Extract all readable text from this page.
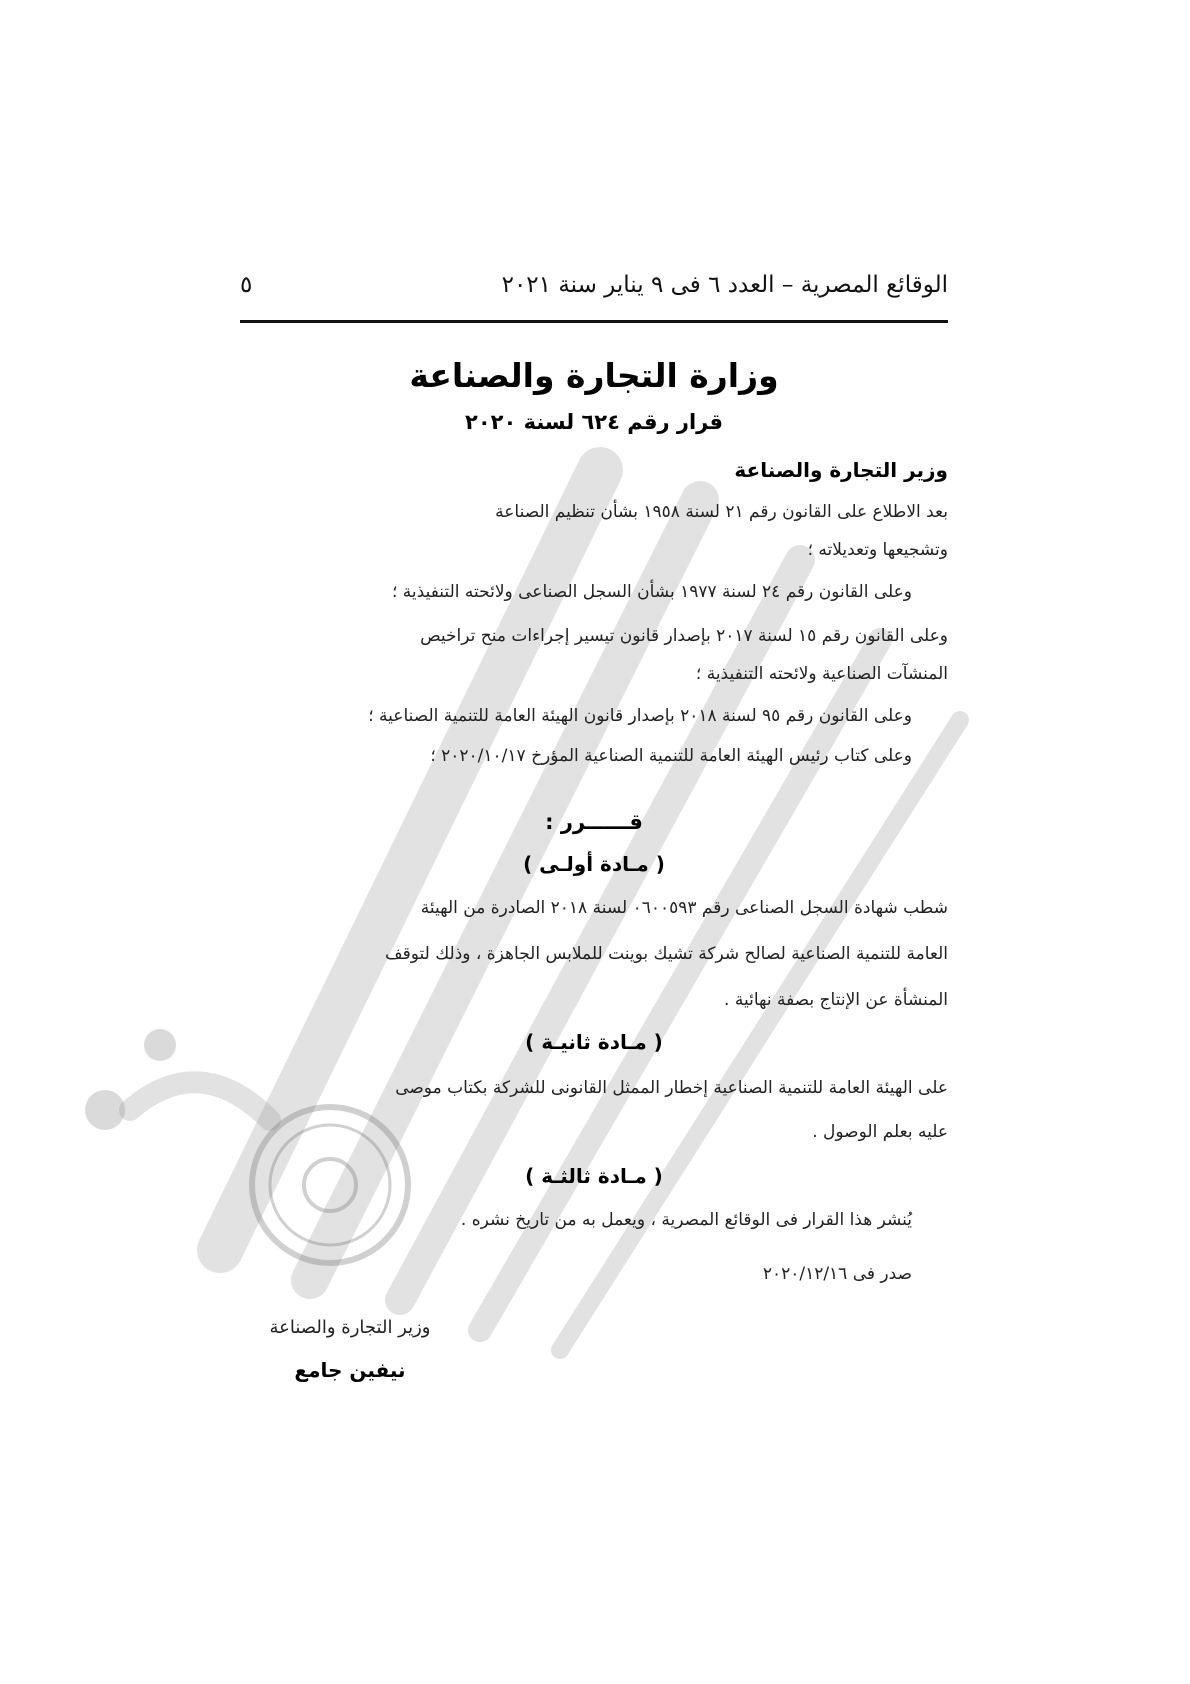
الوقائع المصرية – العدد ٦ فى ٩ يناير سنة ٢٠٢١
٥
وزارة التجارة والصناعة
قرار رقم ٦٢٤ لسنة ٢٠٢٠
وزير التجارة والصناعة
بعد الاطلاع على القانون رقم ٢١ لسنة ١٩٥٨ بشأن تنظيم الصناعة
وتشجيعها وتعديلاته ؛
وعلى القانون رقم ٢٤ لسنة ١٩٧٧ بشأن السجل الصناعى ولائحته التنفيذية ؛
وعلى القانون رقم ١٥ لسنة ٢٠١٧ بإصدار قانون تيسير إجراءات منح تراخيص
المنشآت الصناعية ولائحته التنفيذية ؛
وعلى القانون رقم ٩٥ لسنة ٢٠١٨ بإصدار قانون الهيئة العامة للتنمية الصناعية ؛
وعلى كتاب رئيس الهيئة العامة للتنمية الصناعية المؤرخ ٢٠٢٠/١٠/١٧ ؛
قــــــرر :
( مـادة أولـى )
شطب شهادة السجل الصناعى رقم ٠٦٠٠٥٩٣ لسنة ٢٠١٨ الصادرة من الهيئة
العامة للتنمية الصناعية لصالح شركة تشيك بوينت للملابس الجاهزة ، وذلك لتوقف
المنشأة عن الإنتاج بصفة نهائية .
( مـادة ثانيـة )
على الهيئة العامة للتنمية الصناعية إخطار الممثل القانونى للشركة بكتاب موصى
عليه بعلم الوصول .
( مـادة ثالثـة )
يُنشر هذا القرار فى الوقائع المصرية ، ويعمل به من تاريخ نشره .
صدر فى ٢٠٢٠/١٢/١٦
وزير التجارة والصناعة
نيفين جامع
